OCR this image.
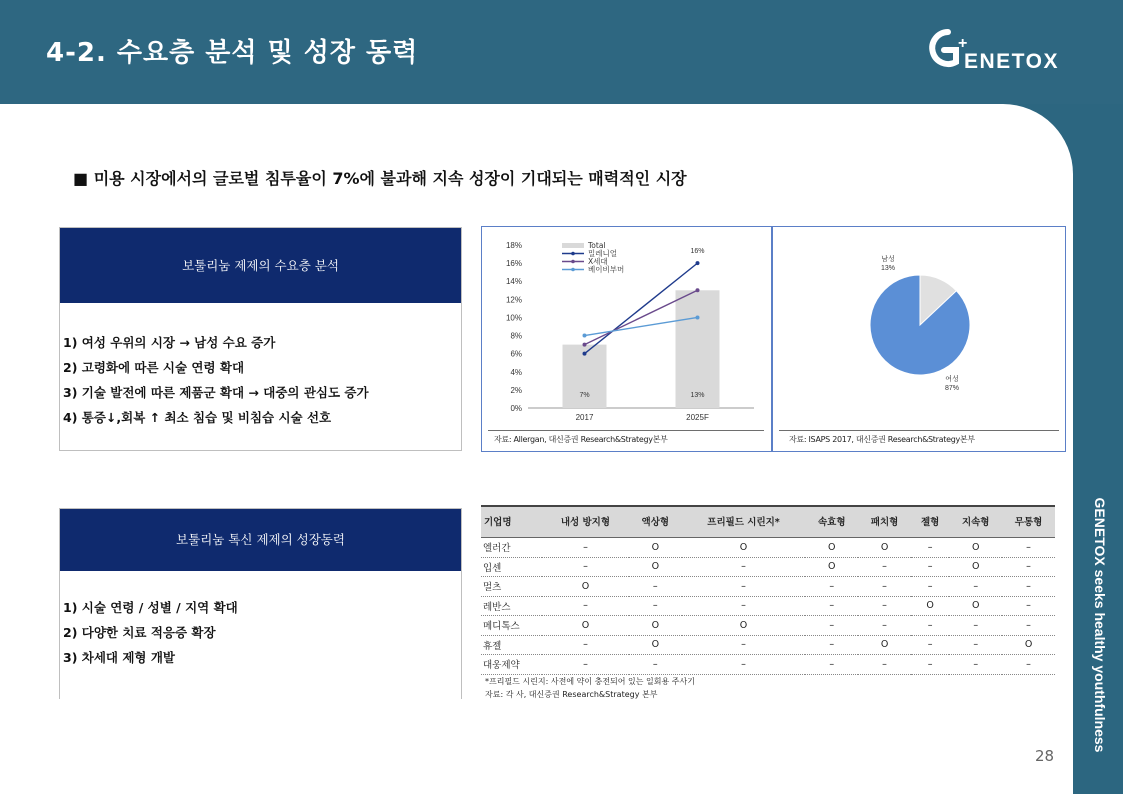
4-2. 수요층 분석 및 성장 동력	ENETOX
+
GENETOX seeks healthy youthfulness
■ 미용 시장에서의 글로벌 침투율이 7%에 불과해 지속 성장이 기대되는 매력적인 시장
보툴리눔 제제의 수요층 분석
1) 여성 우위의 시장 → 남성 수요 증가
2) 고령화에 따른 시술 연령 확대
3) 기술 발전에 따른 제품군 확대 → 대중의 관심도 증가
4) 통증↓,회복 ↑ 최소 침습 및 비침습 시술 선호
보툴리눔 톡신 제제의 성장동력
1) 시술 연령 / 성별 / 지역 확대
2) 다양한 치료 적응증 확장
3) 차세대 제형 개발
0%
2%
4%
6%
8%
10%
12%
14%
16%
18%
7%	13%
2017	2025F
16%
Total
밀레니얼
X세대
베이비부머
자료: Allergan, 대신증권 Research&Strategy본부
남성
13%
여성
87%
자료: ISAPS 2017, 대신증권 Research&Strategy본부
기업명	내성 방지형	액상형	프리필드 시린지*	속효형	패치형	젤형	지속형	무통형
엘러간	–	O	O	O	O	–	O	–
입센	–	O	–	O	–	–	O	–
멀츠	O	–	–	–	–	–	–	–
레반스	–	–	–	–	–	O	O	–
메디톡스	O	O	O	–	–	–	–	–
휴젤	–	O	–	–	O	–	–	O
대웅제약	–	–	–	–	–	–	–	–
*프리필드 시린지: 사전에 약이 충전되어 있는 일회용 주사기
자료: 각 사, 대신증권 Research&Strategy 본부
28
